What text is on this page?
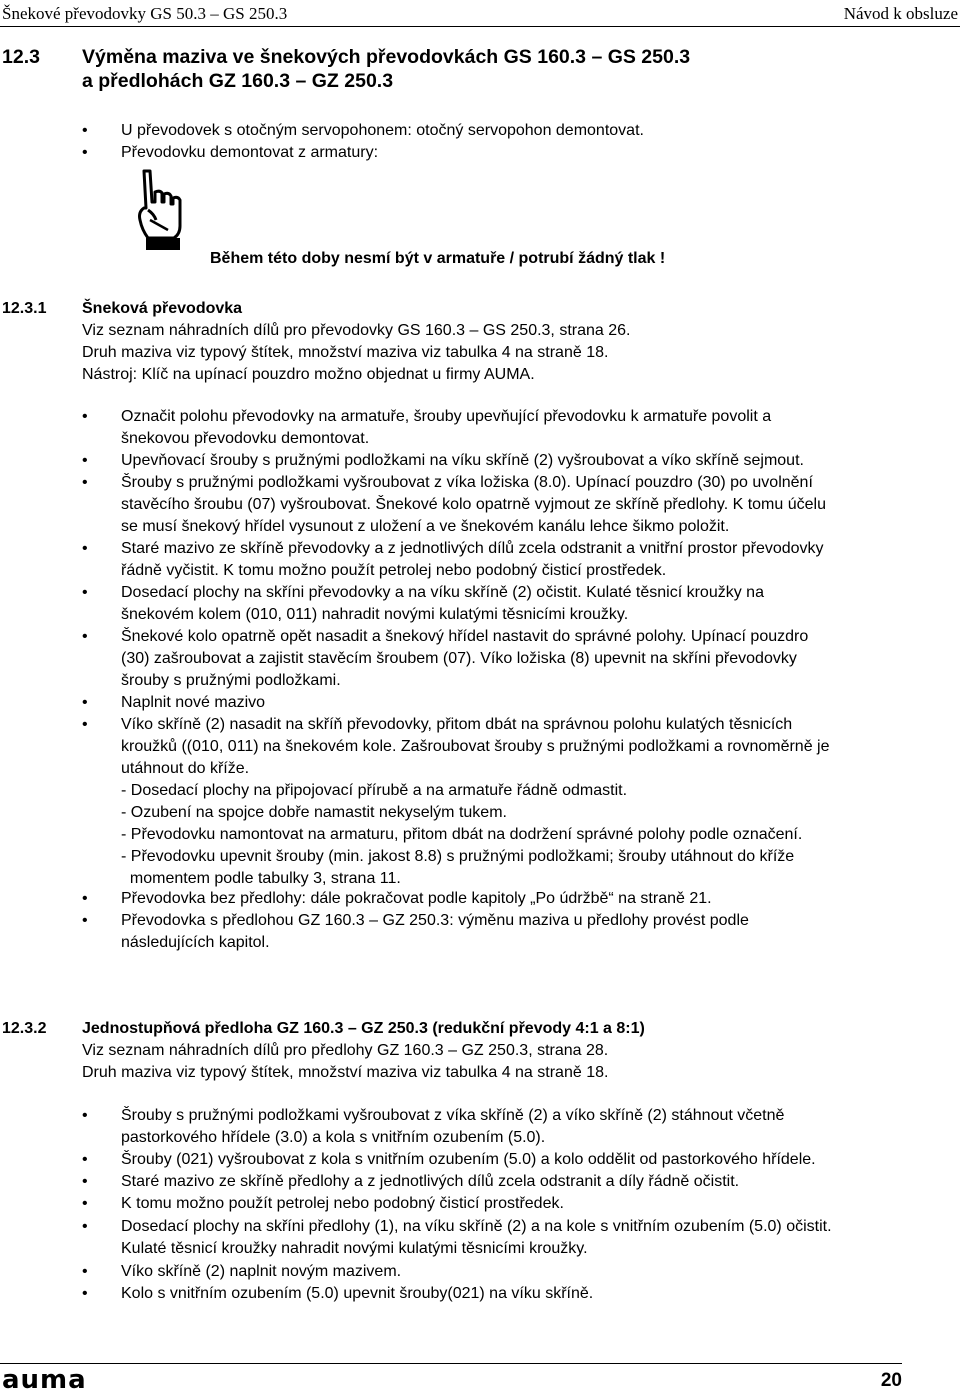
Šnekové převodovky GS 50.3 – GS 250.3	Návod k obsluze
12.3 Výměna maziva ve šnekových převodovkách GS 160.3 – GS 250.3
a předlohách GZ 160.3 – GZ 250.3
• U převodovek s otočným servopohonem: otočný servopohon demontovat.
• Převodovku demontovat z armatury:
Během této doby nesmí být v armatuře / potrubí žádný tlak !
12.3.1 Šneková převodovka
Viz seznam náhradních dílů pro převodovky GS 160.3 – GS 250.3, strana 26.
Druh maziva viz typový štítek, množství maziva viz tabulka 4 na straně 18.
Nástroj: Klíč na upínací pouzdro možno objednat u firmy AUMA.
• Označit polohu převodovky na armatuře, šrouby upevňující převodovku k armatuře povolit a
šnekovou převodovku demontovat.
• Upevňovací šrouby s pružnými podložkami na víku skříně (2) vyšroubovat a víko skříně sejmout.
• Šrouby s pružnými podložkami vyšroubovat z víka ložiska (8.0). Upínací pouzdro (30) po uvolnění
stavěcího šroubu (07) vyšroubovat. Šnekové kolo opatrně vyjmout ze skříně předlohy. K tomu účelu
se musí šnekový hřídel vysunout z uložení a ve šnekovém kanálu lehce šikmo položit.
• Staré mazivo ze skříně převodovky a z jednotlivých dílů zcela odstranit a vnitřní prostor převodovky
řádně vyčistit. K tomu možno použít petrolej nebo podobný čisticí prostředek.
• Dosedací plochy na skříni převodovky a na víku skříně (2) očistit. Kulaté těsnicí kroužky na
šnekovém kolem (010, 011) nahradit novými kulatými těsnicími kroužky.
• Šnekové kolo opatrně opět nasadit a šnekový hřídel nastavit do správné polohy. Upínací pouzdro
(30) zašroubovat a zajistit stavěcím šroubem (07). Víko ložiska (8) upevnit na skříni převodovky
šrouby s pružnými podložkami.
• Naplnit nové mazivo
• Víko skříně (2) nasadit na skříň převodovky, přitom dbát na správnou polohu kulatých těsnicích
kroužků ((010, 011) na šnekovém kole. Zašroubovat šrouby s pružnými podložkami a rovnoměrně je
utáhnout do kříže.
- Dosedací plochy na připojovací přírubě a na armatuře řádně odmastit.
- Ozubení na spojce dobře namastit nekyselým tukem.
- Převodovku namontovat na armaturu, přitom dbát na dodržení správné polohy podle označení.
- Převodovku upevnit šrouby (min. jakost 8.8) s pružnými podložkami; šrouby utáhnout do kříže
momentem podle tabulky 3, strana 11.
• Převodovka bez předlohy: dále pokračovat podle kapitoly „Po údržbě“ na straně 21.
• Převodovka s předlohou GZ 160.3 – GZ 250.3: výměnu maziva u předlohy provést podle
následujících kapitol.
12.3.2 Jednostupňová předloha GZ 160.3 – GZ 250.3 (redukční převody 4:1 a 8:1)
Viz seznam náhradních dílů pro předlohy GZ 160.3 – GZ 250.3, strana 28.
Druh maziva viz typový štítek, množství maziva viz tabulka 4 na straně 18.
• Šrouby s pružnými podložkami vyšroubovat z víka skříně (2) a víko skříně (2) stáhnout včetně
pastorkového hřídele (3.0) a kola s vnitřním ozubením (5.0).
• Šrouby (021) vyšroubovat z kola s vnitřním ozubením (5.0) a kolo oddělit od pastorkového hřídele.
• Staré mazivo ze skříně předlohy a z jednotlivých dílů zcela odstranit a díly řádně očistit.
• K tomu možno použít petrolej nebo podobný čisticí prostředek.
• Dosedací plochy na skříni předlohy (1), na víku skříně (2) a na kole s vnitřním ozubením (5.0) očistit.
Kulaté těsnicí kroužky nahradit novými kulatými těsnicími kroužky.
• Víko skříně (2) naplnit novým mazivem.
• Kolo s vnitřním ozubením (5.0) upevnit šrouby(021) na víku skříně.
auma	20
